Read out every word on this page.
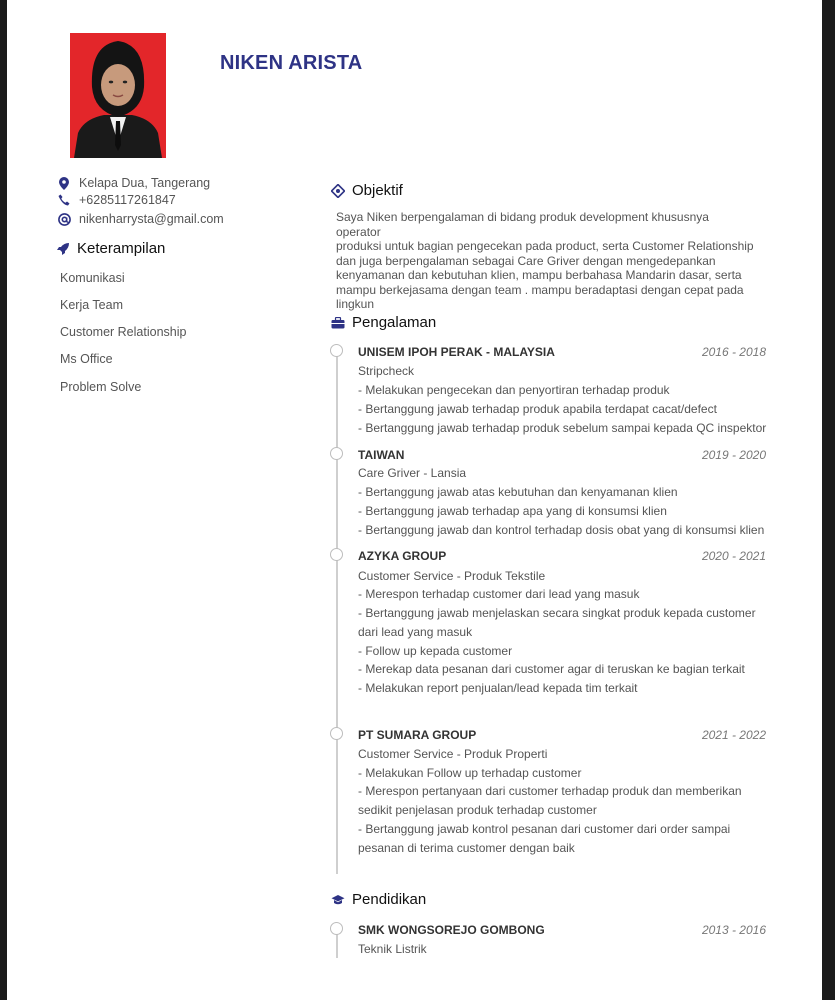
NIKEN ARISTA
Kelapa Dua, Tangerang
+6285117261847
nikenharrysta@gmail.com
Keterampilan
Komunikasi
Kerja Team
Customer Relationship
Ms Office
Problem Solve
Objektif

Saya Niken berpengalaman di bidang produk development khususnya operator
produksi untuk bagian pengecekan pada product, serta Customer Relationship
dan juga berpengalaman sebagai Care Griver dengan mengedepankan
kenyamanan dan kebutuhan klien, mampu berbahasa Mandarin dasar, serta
mampu berkejasama dengan team . mampu beradaptasi dengan cepat pada
lingkun

Pengalaman
UNISEM IPOH PERAK - MALAYSIA	2016 - 2018
Stripcheck
- Melakukan pengecekan dan penyortiran terhadap produk
- Bertanggung jawab terhadap produk apabila terdapat cacat/defect
- Bertanggung jawab terhadap produk sebelum sampai kepada QC inspektor
TAIWAN	2019 - 2020
Care Griver - Lansia
- Bertanggung jawab atas kebutuhan dan kenyamanan klien
- Bertanggung jawab terhadap apa yang di konsumsi klien
- Bertanggung jawab dan kontrol terhadap dosis obat yang di konsumsi klien
AZYKA GROUP	2020 - 2021
Customer Service - Produk Tekstile
- Merespon terhadap customer dari lead yang masuk
- Bertanggung jawab menjelaskan secara singkat produk kepada customer
dari lead yang masuk
- Follow up kepada customer
- Merekap data pesanan dari customer agar di teruskan ke bagian terkait
- Melakukan report penjualan/lead kepada tim terkait
PT SUMARA GROUP	2021 - 2022
Customer Service - Produk Properti
- Melakukan Follow up terhadap customer
- Merespon pertanyaan dari customer terhadap produk dan memberikan
sedikit penjelasan produk terhadap customer
- Bertanggung jawab kontrol pesanan dari customer dari order sampai
pesanan di terima customer dengan baik
Pendidikan
SMK WONGSOREJO GOMBONG	2013 - 2016
Teknik Listrik
